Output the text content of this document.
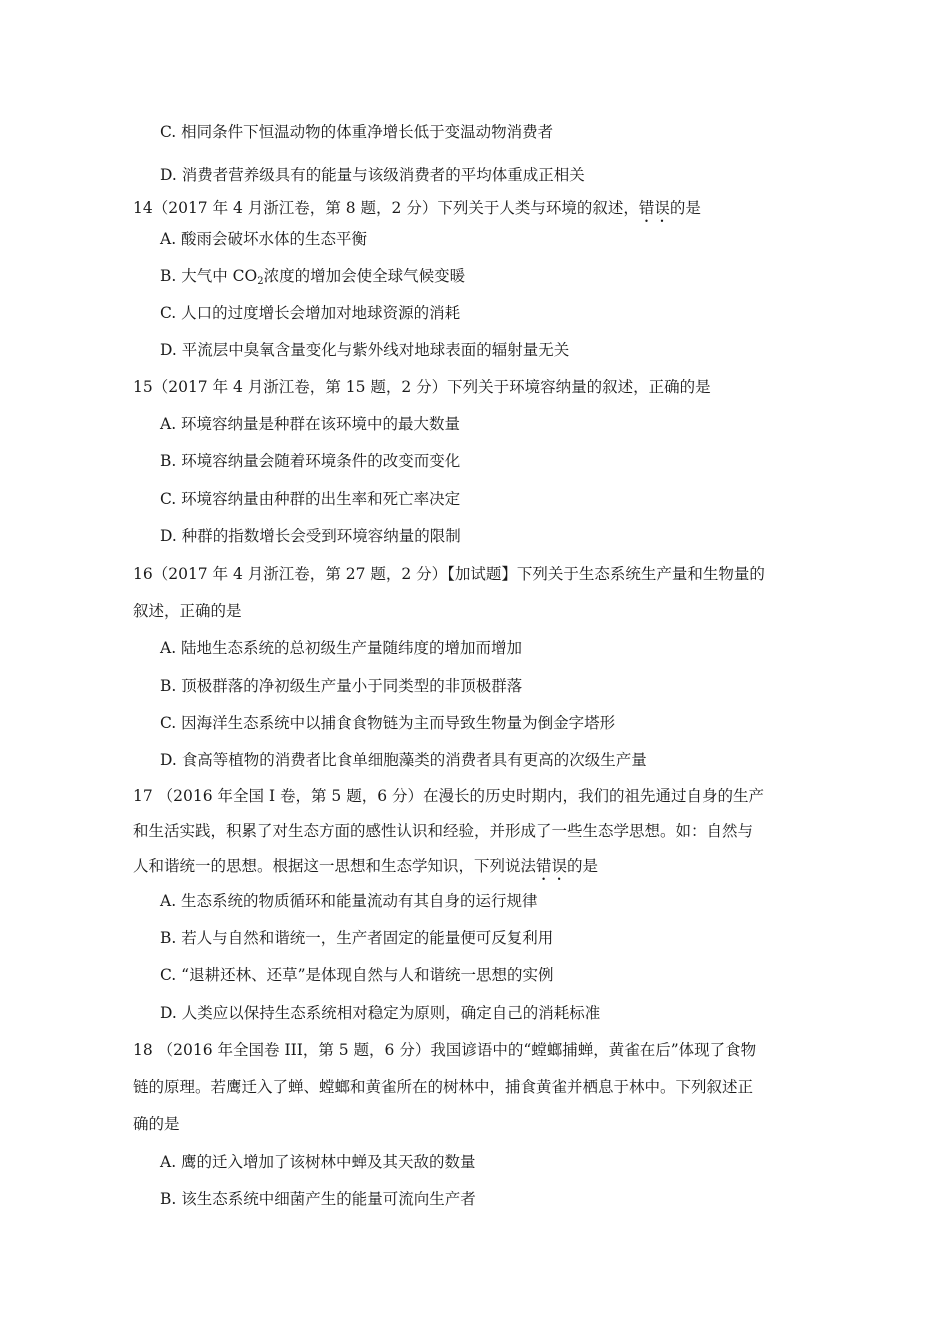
C. 相同条件下恒温动物的体重净增长低于变温动物消费者
D. 消费者营养级具有的能量与该级消费者的平均体重成正相关
14（2017 年 4 月浙江卷，第 8 题，2 分）下列关于人类与环境的叙述，错误的是
A. 酸雨会破坏水体的生态平衡
B. 大气中 $CO_2$浓度的增加会使全球气候变暖
C. 人口的过度增长会增加对地球资源的消耗
D. 平流层中臭氧含量变化与紫外线对地球表面的辐射量无关
15（2017 年 4 月浙江卷，第 15 题，2 分）下列关于环境容纳量的叙述，正确的是
A. 环境容纳量是种群在该环境中的最大数量
B. 环境容纳量会随着环境条件的改变而变化
C. 环境容纳量由种群的出生率和死亡率决定
D. 种群的指数增长会受到环境容纳量的限制
16（2017 年 4 月浙江卷，第 27 题，2 分）【加试题】下列关于生态系统生产量和生物量的
叙述，正确的是
A. 陆地生态系统的总初级生产量随纬度的增加而增加
B. 顶极群落的净初级生产量小于同类型的非顶极群落
C. 因海洋生态系统中以捕食食物链为主而导致生物量为倒金字塔形
D. 食高等植物的消费者比食单细胞藻类的消费者具有更高的次级生产量
17 （2016 年全国 I 卷，第 5 题，6 分）在漫长的历史时期内，我们的祖先通过自身的生产
和生活实践，积累了对生态方面的感性认识和经验，并形成了一些生态学思想。如：自然与
人和谐统一的思想。根据这一思想和生态学知识，下列说法错误的是
A. 生态系统的物质循环和能量流动有其自身的运行规律
B. 若人与自然和谐统一，生产者固定的能量便可反复利用
C. “退耕还林、还草”是体现自然与人和谐统一思想的实例
D. 人类应以保持生态系统相对稳定为原则，确定自己的消耗标准
18 （2016 年全国卷 III，第 5 题，6 分）我国谚语中的“螳螂捕蝉，黄雀在后”体现了食物
链的原理。若鹰迁入了蝉、螳螂和黄雀所在的树林中，捕食黄雀并栖息于林中。下列叙述正
确的是
A. 鹰的迁入增加了该树林中蝉及其天敌的数量
B. 该生态系统中细菌产生的能量可流向生产者
